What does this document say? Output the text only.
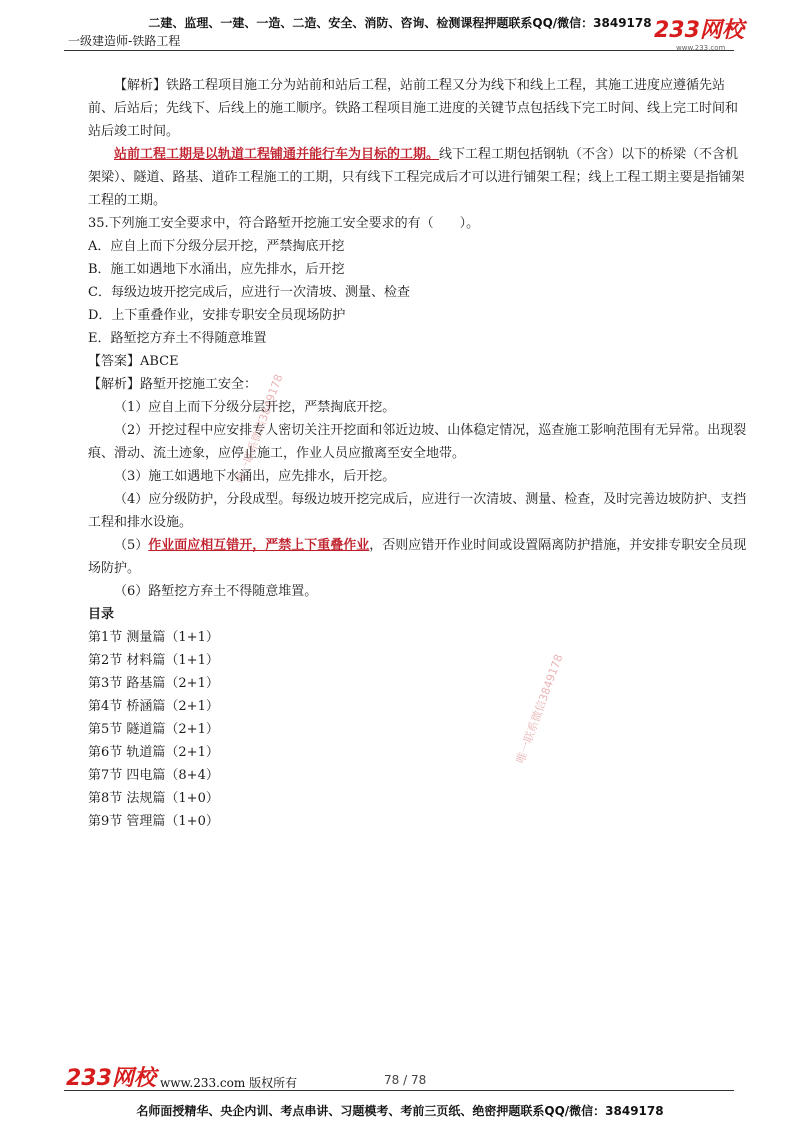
二建、监理、一建、一造、二造、安全、消防、咨询、检测课程押题联系QQ/微信：3849178
一级建造师-铁路工程	233网校
www.233.com
唯一联系微信3849178
唯一联系微信3849178

【解析】铁路工程项目施工分为站前和站后工程，站前工程又分为线下和线上工程，其施工进度应遵循先站前、后站后；先线下、后线上的施工顺序。铁路工程项目施工进度的关键节点包括线下完工时间、线上完工时间和站后竣工时间。

站前工程工期是以轨道工程铺通并能行车为目标的工期。线下工程工期包括钢轨（不含）以下的桥梁（不含机架梁）、隧道、路基、道砟工程施工的工期，只有线下工程完成后才可以进行铺架工程；线上工程工期主要是指铺架工程的工期。

35.下列施工安全要求中，符合路堑开挖施工安全要求的有（　　）。

A．应自上而下分级分层开挖，严禁掏底开挖

B．施工如遇地下水涌出，应先排水，后开挖

C．每级边坡开挖完成后，应进行一次清坡、测量、检查

D．上下重叠作业，安排专职安全员现场防护

E．路堑挖方弃土不得随意堆置

【答案】ABCE

【解析】路堑开挖施工安全：

（1）应自上而下分级分层开挖，严禁掏底开挖。

（2）开挖过程中应安排专人密切关注开挖面和邻近边坡、山体稳定情况，巡查施工影响范围有无异常。出现裂痕、滑动、流土迹象，应停止施工，作业人员应撤离至安全地带。

（3）施工如遇地下水涌出，应先排水，后开挖。

（4）应分级防护，分段成型。每级边坡开挖完成后，应进行一次清坡、测量、检查，及时完善边坡防护、支挡工程和排水设施。

（5）作业面应相互错开，严禁上下重叠作业，否则应错开作业时间或设置隔离防护措施，并安排专职安全员现场防护。

（6）路堑挖方弃土不得随意堆置。

目录

第1节 测量篇（1+1）

第2节 材料篇（1+1）

第3节 路基篇（2+1）

第4节 桥涵篇（2+1）

第5节 隧道篇（2+1）

第6节 轨道篇（2+1）

第7节 四电篇（8+4）

第8节 法规篇（1+0）

第9节 管理篇（1+0）

233网校 www.233.com 版权所有	78 / 78
名师面授精华、央企内训、考点串讲、习题模考、考前三页纸、绝密押题联系QQ/微信：3849178
